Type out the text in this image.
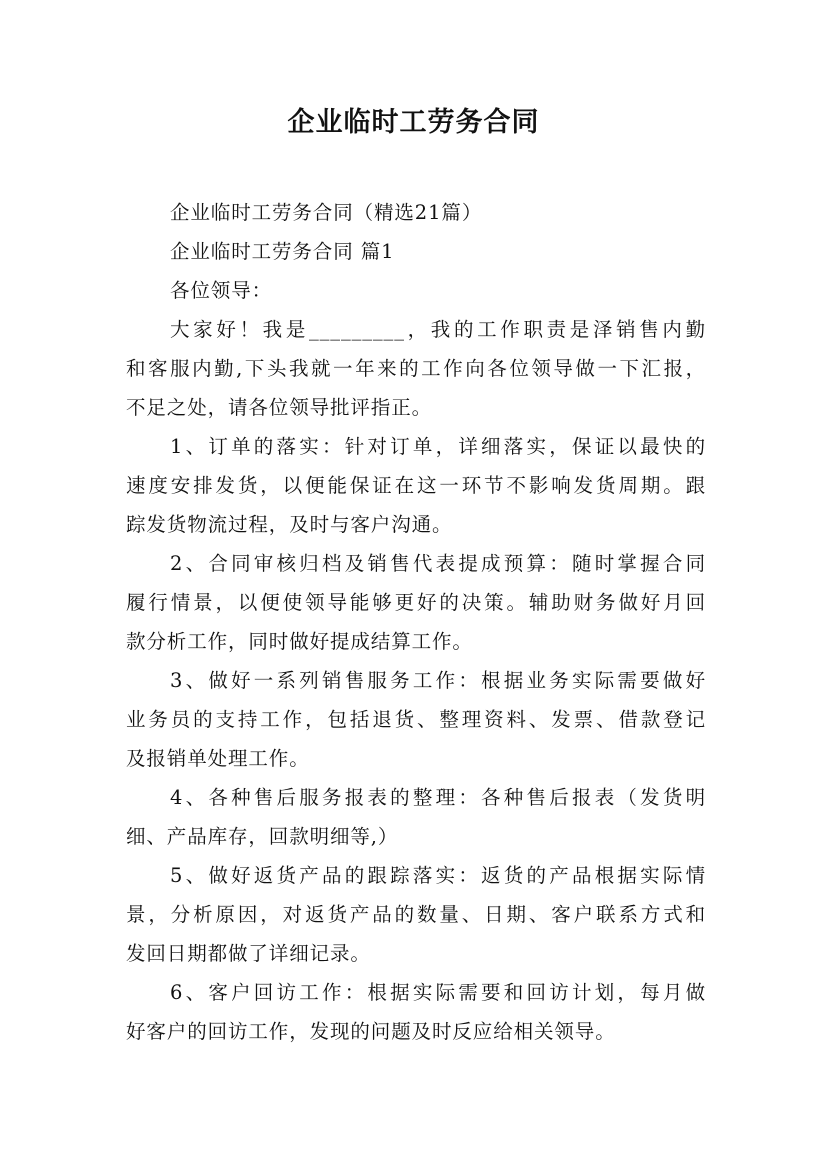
企业临时工劳务合同
企业临时工劳务合同（精选21篇）
企业临时工劳务合同 篇1
各位领导：
大家好！我是_________，我的工作职责是泽销售内勤
和客服内勤,下头我就一年来的工作向各位领导做一下汇报，
不足之处，请各位领导批评指正。
1、订单的落实：针对订单，详细落实，保证以最快的
速度安排发货，以便能保证在这一环节不影响发货周期。跟
踪发货物流过程，及时与客户沟通。
2、合同审核归档及销售代表提成预算：随时掌握合同
履行情景，以便使领导能够更好的决策。辅助财务做好月回
款分析工作，同时做好提成结算工作。
3、做好一系列销售服务工作：根据业务实际需要做好
业务员的支持工作，包括退货、整理资料、发票、借款登记
及报销单处理工作。
4、各种售后服务报表的整理：各种售后报表（发货明
细、产品库存，回款明细等,）
5、做好返货产品的跟踪落实：返货的产品根据实际情
景，分析原因，对返货产品的数量、日期、客户联系方式和
发回日期都做了详细记录。
6、客户回访工作：根据实际需要和回访计划，每月做
好客户的回访工作，发现的问题及时反应给相关领导。
